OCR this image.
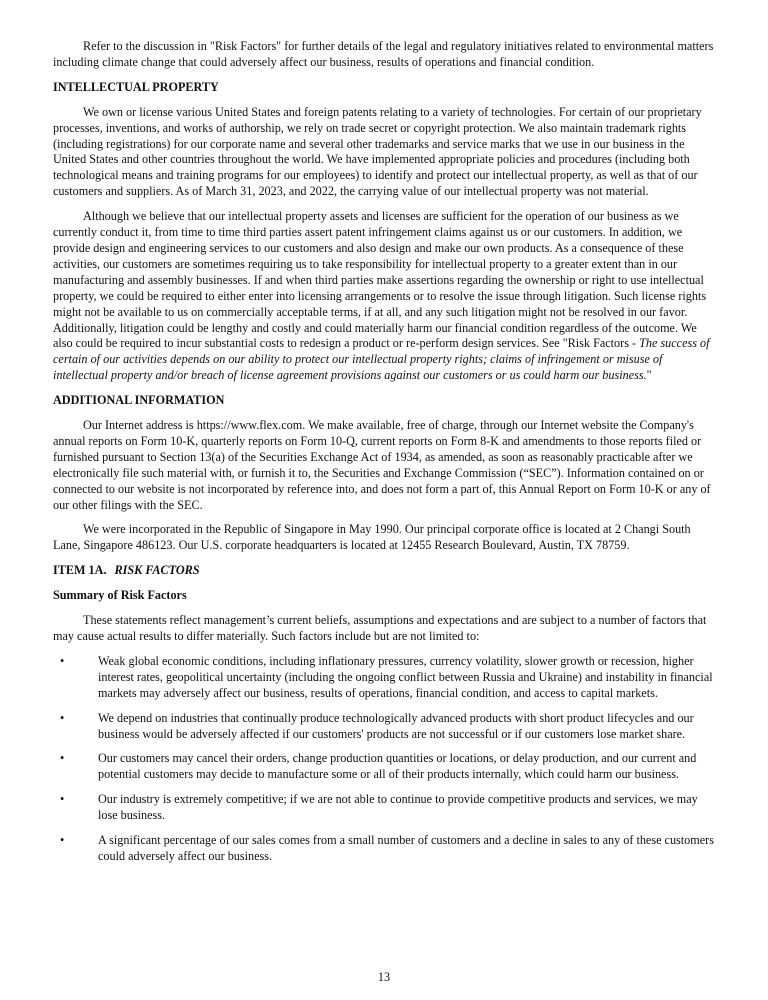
Refer to the discussion in "Risk Factors" for further details of the legal and regulatory initiatives related to environmental matters including climate change that could adversely affect our business, results of operations and financial condition.

INTELLECTUAL PROPERTY

We own or license various United States and foreign patents relating to a variety of technologies. For certain of our proprietary processes, inventions, and works of authorship, we rely on trade secret or copyright protection. We also maintain trademark rights (including registrations) for our corporate name and several other trademarks and service marks that we use in our business in the United States and other countries throughout the world. We have implemented appropriate policies and procedures (including both technological means and training programs for our employees) to identify and protect our intellectual property, as well as that of our customers and suppliers. As of March 31, 2023, and 2022, the carrying value of our intellectual property was not material.

Although we believe that our intellectual property assets and licenses are sufficient for the operation of our business as we currently conduct it, from time to time third parties assert patent infringement claims against us or our customers. In addition, we provide design and engineering services to our customers and also design and make our own products. As a consequence of these activities, our customers are sometimes requiring us to take responsibility for intellectual property to a greater extent than in our manufacturing and assembly businesses. If and when third parties make assertions regarding the ownership or right to use intellectual property, we could be required to either enter into licensing arrangements or to resolve the issue through litigation. Such license rights might not be available to us on commercially acceptable terms, if at all, and any such litigation might not be resolved in our favor. Additionally, litigation could be lengthy and costly and could materially harm our financial condition regardless of the outcome. We also could be required to incur substantial costs to redesign a product or re-perform design services. See "Risk Factors - The success of certain of our activities depends on our ability to protect our intellectual property rights; claims of infringement or misuse of intellectual property and/or breach of license agreement provisions against our customers or us could harm our business."

ADDITIONAL INFORMATION

Our Internet address is https://www.flex.com. We make available, free of charge, through our Internet website the Company's annual reports on Form 10-K, quarterly reports on Form 10-Q, current reports on Form 8-K and amendments to those reports filed or furnished pursuant to Section 13(a) of the Securities Exchange Act of 1934, as amended, as soon as reasonably practicable after we electronically file such material with, or furnish it to, the Securities and Exchange Commission (“SEC”). Information contained on or connected to our website is not incorporated by reference into, and does not form a part of, this Annual Report on Form 10-K or any of our other filings with the SEC.

We were incorporated in the Republic of Singapore in May 1990. Our principal corporate office is located at 2 Changi South Lane, Singapore 486123. Our U.S. corporate headquarters is located at 12455 Research Boulevard, Austin, TX 78759.

ITEM 1A. RISK FACTORS
Summary of Risk Factors

These statements reflect management’s current beliefs, assumptions and expectations and are subject to a number of factors that may cause actual results to differ materially. Such factors include but are not limited to:

•	Weak global economic conditions, including inflationary pressures, currency volatility, slower growth or recession, higher interest rates, geopolitical uncertainty (including the ongoing conflict between Russia and Ukraine) and instability in financial markets may adversely affect our business, results of operations, financial condition, and access to capital markets.
•	We depend on industries that continually produce technologically advanced products with short product lifecycles and our business would be adversely affected if our customers' products are not successful or if our customers lose market share.
•	Our customers may cancel their orders, change production quantities or locations, or delay production, and our current and potential customers may decide to manufacture some or all of their products internally, which could harm our business.
•	Our industry is extremely competitive; if we are not able to continue to provide competitive products and services, we may lose business.
•	A significant percentage of our sales comes from a small number of customers and a decline in sales to any of these customers could adversely affect our business.
13
